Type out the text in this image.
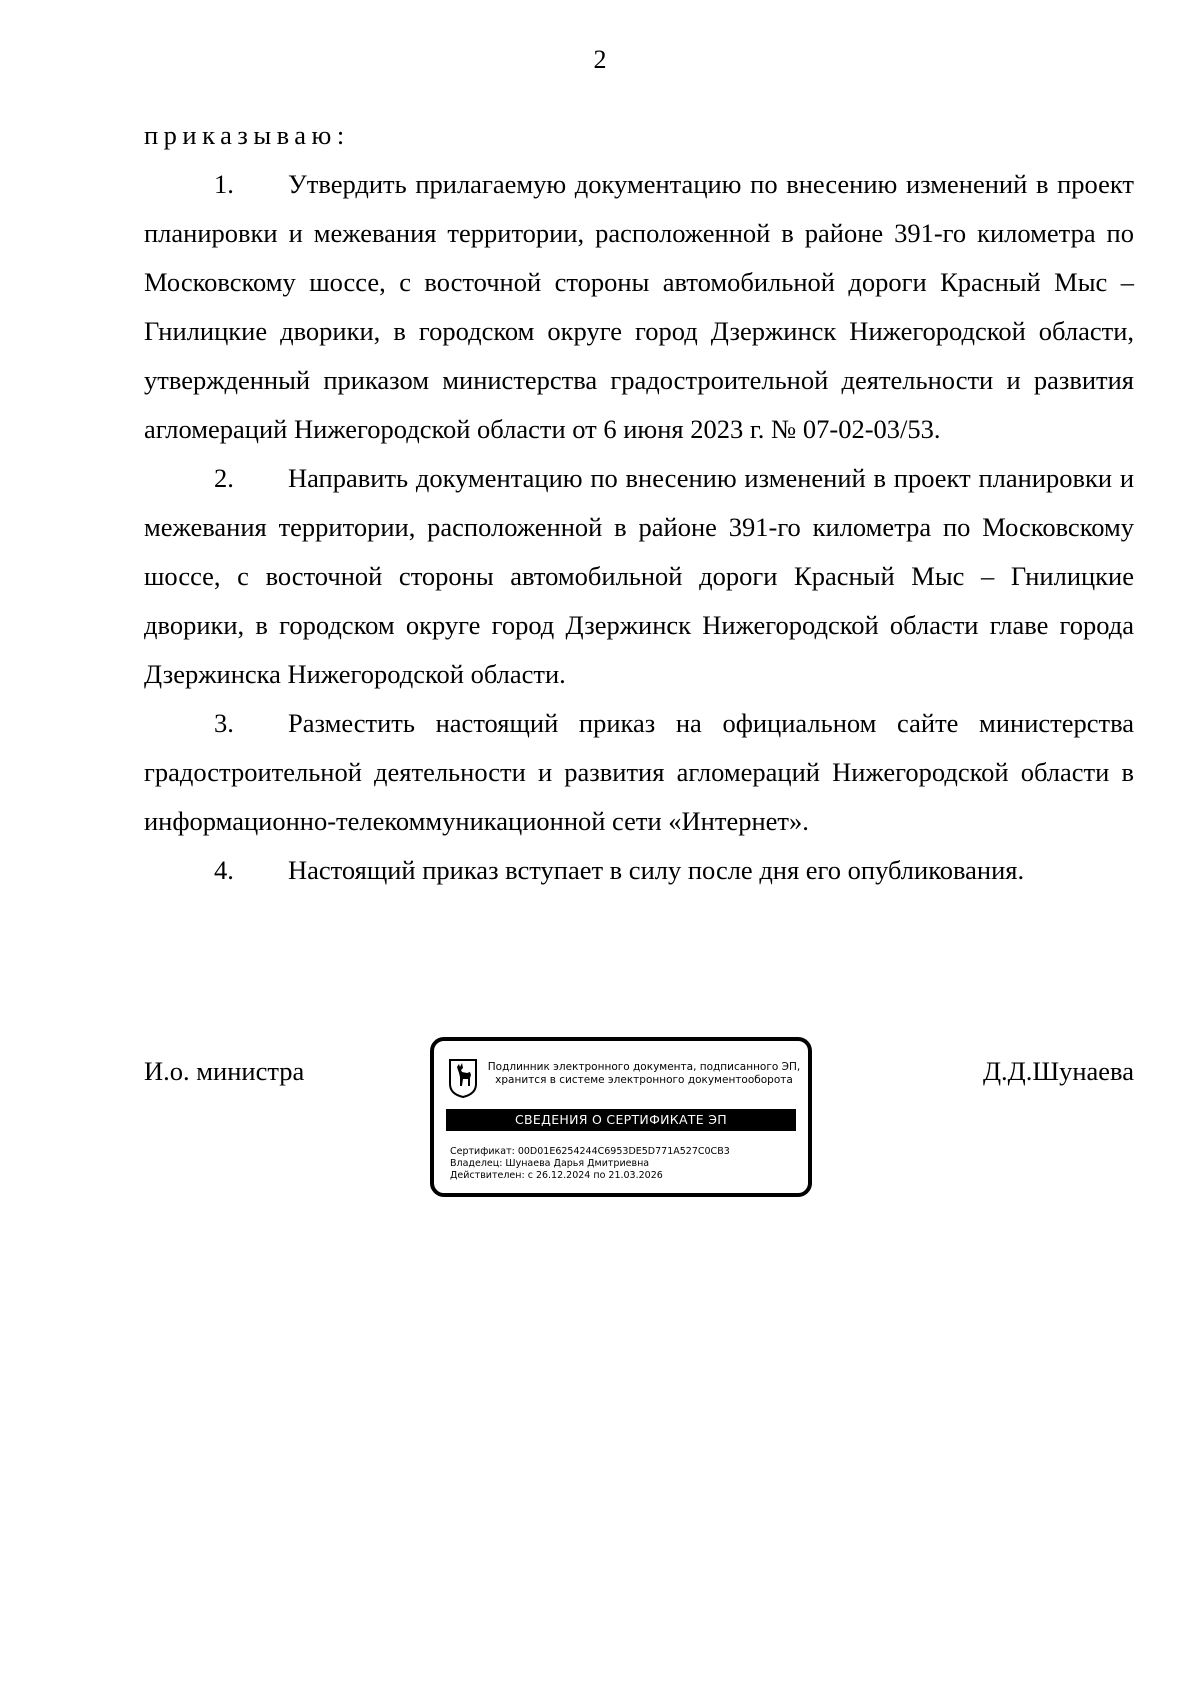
2

приказываю:

1. Утвердить прилагаемую документацию по внесению изменений в проект планировки и межевания территории, расположенной в районе 391-го километра по Московскому шоссе, с восточной стороны автомобильной дороги Красный Мыс – Гнилицкие дворики, в городском округе город Дзержинск Нижегородской области, утвержденный приказом министерства градостроительной деятельности и развития агломераций Нижегородской области от 6 июня 2023 г. № 07-02-03/53.

2. Направить документацию по внесению изменений в проект планировки и межевания территории, расположенной в районе 391-го километра по Московскому шоссе, с восточной стороны автомобильной дороги Красный Мыс – Гнилицкие дворики, в городском округе город Дзержинск Нижегородской области главе города Дзержинска Нижегородской области.

3. Разместить настоящий приказ на официальном сайте министерства градостроительной деятельности и развития агломераций Нижегородской области в информационно-телекоммуникационной сети «Интернет».

4. Настоящий приказ вступает в силу после дня его опубликования.

И.о. министра	Подлинник электронного документа, подписанного ЭП,
хранится в системе электронного документооборота
СВЕДЕНИЯ О СЕРТИФИКАТЕ ЭП
Сертификат: 00D01E6254244C6953DE5D771A527C0CB3
Владелец: Шунаева Дарья Дмитриевна
Действителен: с 26.12.2024 по 21.03.2026
Д.Д.Шунаева
